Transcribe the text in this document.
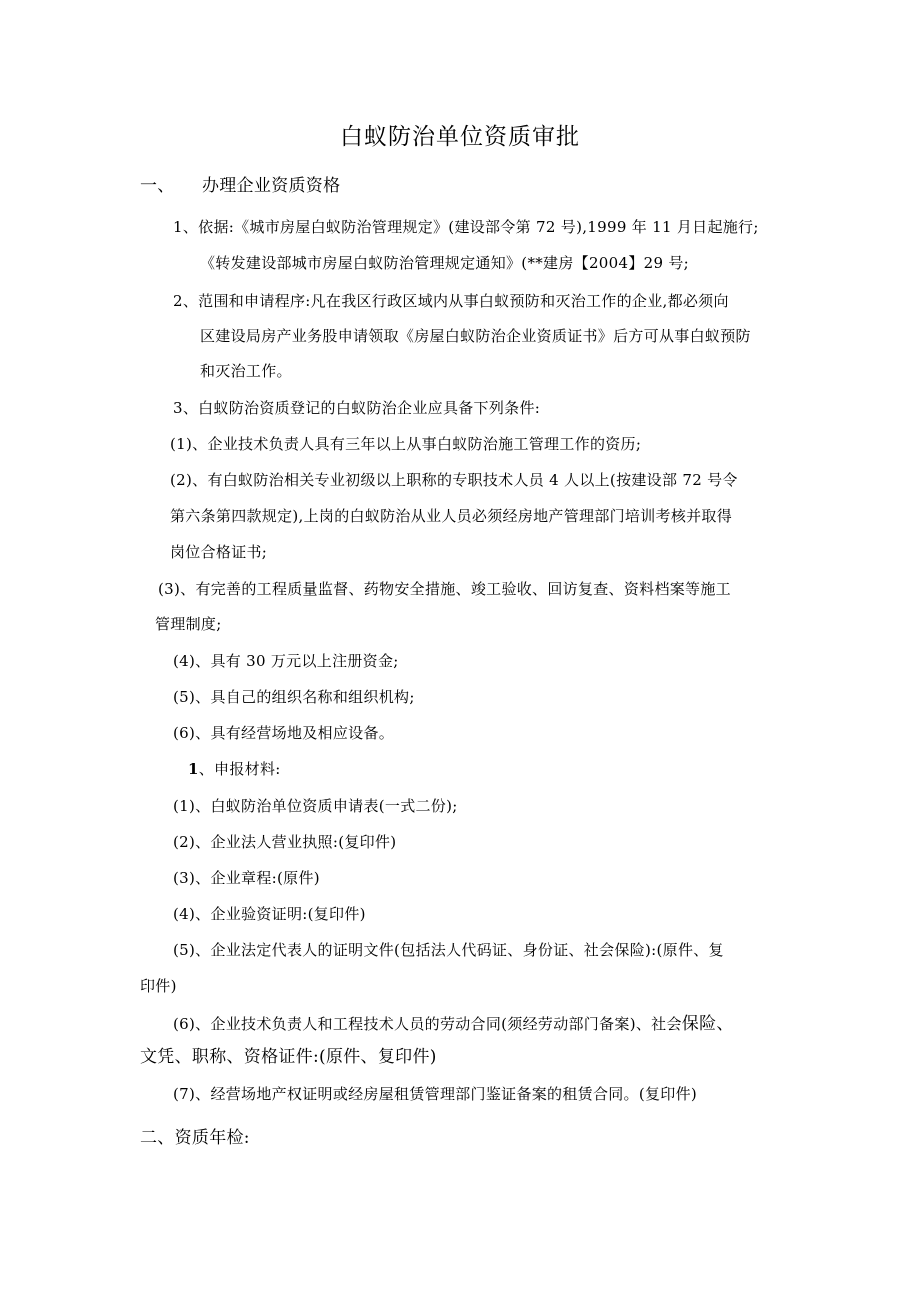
白蚁防治单位资质审批
一、 办理企业资质资格
1、依据:《城市房屋白蚁防治管理规定》(建设部令第 72 号),1999 年 11 月日起施行;
《转发建设部城市房屋白蚁防治管理规定通知》(**建房【2004】29 号;
2、范围和申请程序:凡在我区行政区域内从事白蚁预防和灭治工作的企业,都必须向
区建设局房产业务股申请领取《房屋白蚁防治企业资质证书》后方可从事白蚁预防
和灭治工作。
3、白蚁防治资质登记的白蚁防治企业应具备下列条件:
(1)、企业技术负责人具有三年以上从事白蚁防治施工管理工作的资历;
(2)、有白蚁防治相关专业初级以上职称的专职技术人员 4 人以上(按建设部 72 号令
第六条第四款规定),上岗的白蚁防治从业人员必须经房地产管理部门培训考核并取得
岗位合格证书;
(3)、有完善的工程质量监督、药物安全措施、竣工验收、回访复查、资料档案等施工
管理制度;
(4)、具有 30 万元以上注册资金;
(5)、具自己的组织名称和组织机构;
(6)、具有经营场地及相应设备。
1、申报材料:
(1)、白蚁防治单位资质申请表(一式二份);
(2)、企业法人营业执照:(复印件)
(3)、企业章程:(原件)
(4)、企业验资证明:(复印件)
(5)、企业法定代表人的证明文件(包括法人代码证、身份证、社会保险):(原件、复
印件)
(6)、企业技术负责人和工程技术人员的劳动合同(须经劳动部门备案)、社会保险、
文凭、职称、资格证件:(原件、复印件)
(7)、经营场地产权证明或经房屋租赁管理部门鉴证备案的租赁合同。(复印件)
二、资质年检:
